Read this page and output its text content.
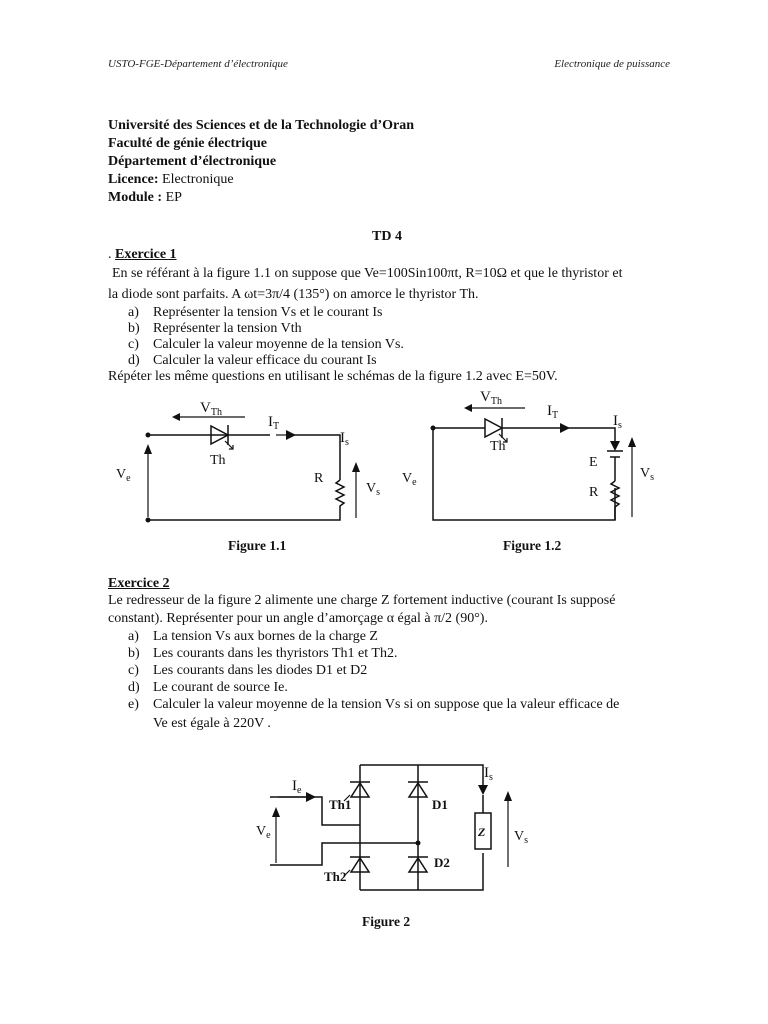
USTO-FGE-Département d’électronique	Electronique de puissance
Université des Sciences et de la Technologie d’Oran
Faculté de génie électrique
Département d’électronique
Licence: Electronique
Module : EP
TD 4
. Exercice 1
En se référant à la figure 1.1 on suppose que Ve=100Sin100πt, R=10Ω et que le thyristor et
la diode sont parfaits. A ωt=3π/4 (135°) on amorce le thyristor Th.
a) Représenter la tension Vs et le courant Is
b) Représenter la tension Vth
c) Calculer la valeur moyenne de la tension Vs.
d) Calculer la valeur efficace du courant Is
Répéter les même questions en utilisant le schémas de la figure 1.2 avec E=50V.
$V_{Th}$
$I_T$
Th
$I_s$
$V_e$	R
$V_s$
Figure 1.1
$V_{Th}$
$I_T$
Th
$I_s$
$V_e$
E
R
$V_s$
Figure 1.2
Exercice 2
Le redresseur de la figure 2 alimente une charge Z fortement inductive (courant Is supposé
constant). Représenter pour un angle d’amorçage α égal à π/2 (90°).
a) La tension Vs aux bornes de la charge Z
b) Les courants dans les thyristors Th1 et Th2.
c) Les courants dans les diodes D1 et D2
d) Le courant de source Ie.
e) Calculer la valeur moyenne de la tension Vs si on suppose que la valeur efficace de
Ve est égale à 220V .
$I_e$
Th1	D1
Th2
D2
$V_e$
$I_s$
Z $V_s$
Figure 2
